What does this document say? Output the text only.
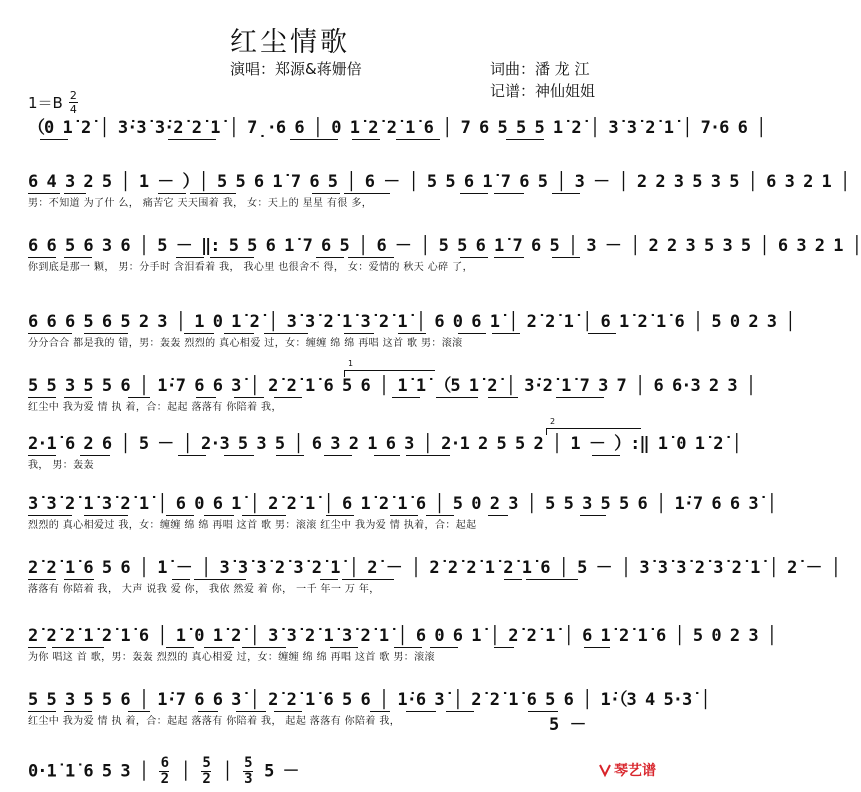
红尘情歌
演唱：郑源&蒋姗倍	词曲：潘 龙 江
记谱：神仙姐姐
1＝B 2
4
（0 1̇ 2̇ │ 3̇·3̇ 3̇·2̇ 2̇ 1̇ │ 7̣·6 6 │ 0 1̇ 2̇ 2̇ 1̇ 6 │ 7 6 5 5 5 1̇ 2̇ │ 3̇ 3̇ 2̇ 1̇ │ 7·6 6 │
6 4 3 2 5 │ 1 － ）│ 5 5 6 1̇ 7 6 5 │ 6 － │ 5 5 6 1̇ 7 6 5 │ 3 － │ 2 2 3 5 3 5 │ 6 3 2 1 │
男：不知道 为了什 么， 痛苦它 天天围着 我， 女：天上的 星星 有很 多，
6 6 5 6 3 6 │ 5 － ‖: 5 5 6 1̇ 7 6 5 │ 6 － │ 5 5 6 1̇ 7 6 5 │ 3 － │ 2 2 3 5 3 5 │ 6 3 2 1 │
你到底是那一 颗， 男：分手时 含泪看着 我， 我心里 也很舍不 得， 女：爱情的 秋天 心碎 了，
6 6 6 5 6 5 2 3 │ 1 0 1̇ 2̇ │ 3̇ 3̇ 2̇ 1̇ 3̇ 2̇ 1̇ │ 6 0 6 1̇ │ 2̇ 2̇ 1̇ │ 6 1̇ 2̇ 1̇ 6 │ 5 0 2 3 │
分分合合 都是我的 错，男：轰轰 烈烈的 真心相爱 过，女：缠缠 绵 绵 再唱 这首 歌 男：滚滚
1
5 5 3 5 5 6 │ 1̇·7 6 6 3̇ │ 2̇ 2̇ 1̇ 6 5 6 │ 1̇ 1̇ （5 1̇ 2̇ │ 3̇·2̇ 1̇ 7 3 7 │ 6 6·3 2 3 │
红尘中 我为爱 情 执 着，合：起起 落落有 你陪着 我，
2
2·1̇ 6 2 6 │ 5 － │ 2·3 5 3 5 │ 6 3 2 1 6 3 │ 2·1 2 5 5 2 │ 1 － ）:‖ 1̇ 0 1̇ 2̇ │
我， 男：轰轰
3̇ 3̇ 2̇ 1̇ 3̇ 2̇ 1̇ │ 6 0 6 1̇ │ 2̇ 2̇ 1̇ │ 6 1̇ 2̇ 1̇ 6 │ 5 0 2 3 │ 5 5 3 5 5 6 │ 1̇·7 6 6 3̇ │
烈烈的 真心相爱过 我，女：缠缠 绵 绵 再唱 这首 歌 男：滚滚 红尘中 我为爱 情 执着，合：起起
2̇ 2̇ 1̇ 6 5 6 │ 1̇ － │ 3̇ 3̇ 3̇ 2̇ 3̇ 2̇ 1̇ │ 2̇ － │ 2̇ 2̇ 2̇ 1̇ 2̇ 1̇ 6 │ 5 － │ 3̇ 3̇ 3̇ 2̇ 3̇ 2̇ 1̇ │ 2̇ － │
落落有 你陪着 我， 大声 说我 爱 你， 我依 然爱 着 你， 一千 年一 万 年，
2̇ 2̇ 2̇ 1̇ 2̇ 1̇ 6 │ 1̇ 0 1̇ 2̇ │ 3̇ 3̇ 2̇ 1̇ 3̇ 2̇ 1̇ │ 6 0 6 1̇ │ 2̇ 2̇ 1̇ │ 6 1̇ 2̇ 1̇ 6 │ 5 0 2 3 │
为你 唱这 首 歌，男：轰轰 烈烈的 真心相爱 过，女：缠缠 绵 绵 再唱 这首 歌 男：滚滚
5 5 3 5 5 6 │ 1̇·7 6 6 3̇ │ 2̇ 2̇ 1̇ 6 5 6 │ 1̇·6 3̇ │ 2̇ 2̇ 1̇ 6 5 6 │ 1̇·（3 4 5·3̇ │
红尘中 我为爱 情 执 着，合：起起 落落有 你陪着 我， 起起 落落有 你陪着 我，	5 －
0·1̇ 1̇ 6 5 3 │ $\frac{6}{2}$ │ $\frac{5}{2}$ │ $\frac{5}{3} 5$ －	琴艺谱
